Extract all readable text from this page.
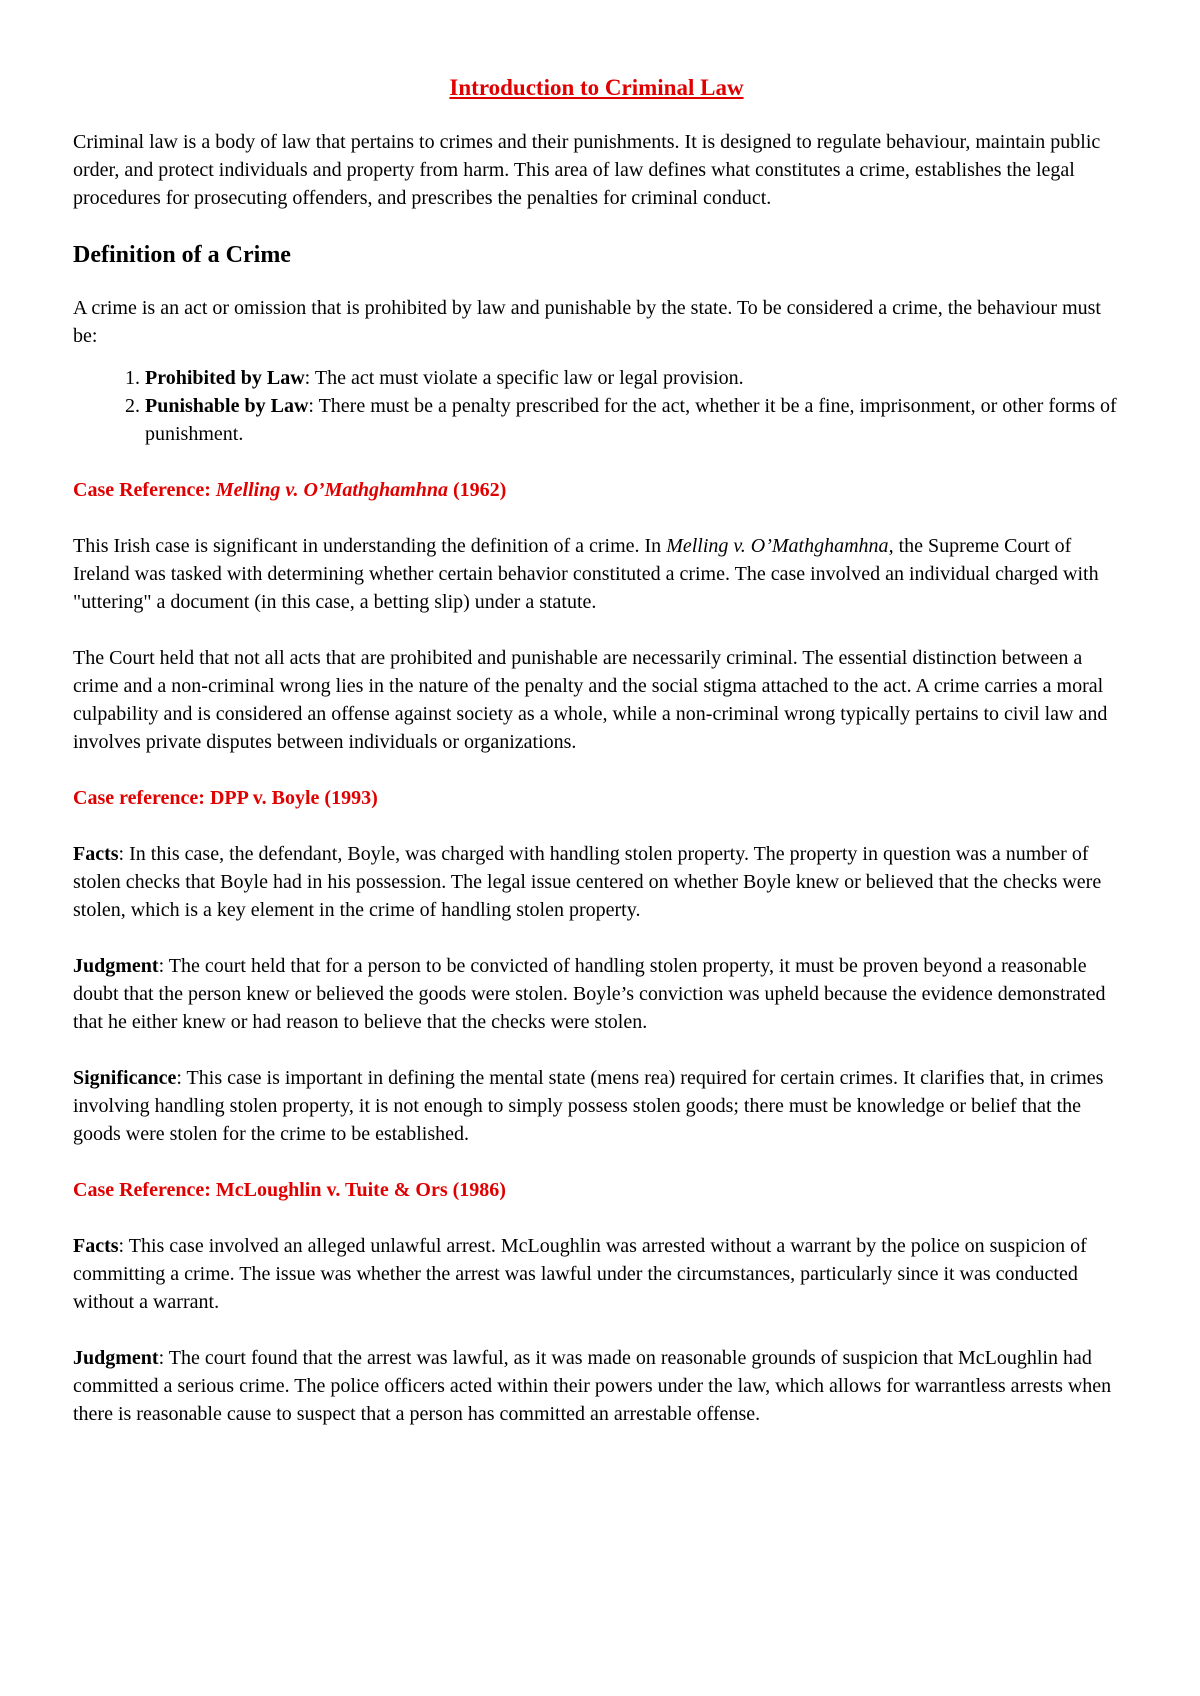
Introduction to Criminal Law

Criminal law is a body of law that pertains to crimes and their punishments. It is designed to regulate behaviour, maintain public order, and protect individuals and property from harm. This area of law defines what constitutes a crime, establishes the legal procedures for prosecuting offenders, and prescribes the penalties for criminal conduct.

Definition of a Crime

A crime is an act or omission that is prohibited by law and punishable by the state. To be considered a crime, the behaviour must be:

1. Prohibited by Law: The act must violate a specific law or legal provision.
2. Punishable by Law: There must be a penalty prescribed for the act, whether it be a fine, imprisonment, or other forms of punishment.
Case Reference: Melling v. O’Mathghamhna (1962)

This Irish case is significant in understanding the definition of a crime. In Melling v. O’Mathghamhna, the Supreme Court of Ireland was tasked with determining whether certain behavior constituted a crime. The case involved an individual charged with "uttering" a document (in this case, a betting slip) under a statute.

The Court held that not all acts that are prohibited and punishable are necessarily criminal. The essential distinction between a crime and a non-criminal wrong lies in the nature of the penalty and the social stigma attached to the act. A crime carries a moral culpability and is considered an offense against society as a whole, while a non-criminal wrong typically pertains to civil law and involves private disputes between individuals or organizations.

Case reference: DPP v. Boyle (1993)

Facts: In this case, the defendant, Boyle, was charged with handling stolen property. The property in question was a number of stolen checks that Boyle had in his possession. The legal issue centered on whether Boyle knew or believed that the checks were stolen, which is a key element in the crime of handling stolen property.

Judgment: The court held that for a person to be convicted of handling stolen property, it must be proven beyond a reasonable doubt that the person knew or believed the goods were stolen. Boyle’s conviction was upheld because the evidence demonstrated that he either knew or had reason to believe that the checks were stolen.

Significance: This case is important in defining the mental state (mens rea) required for certain crimes. It clarifies that, in crimes involving handling stolen property, it is not enough to simply possess stolen goods; there must be knowledge or belief that the goods were stolen for the crime to be established.

Case Reference: McLoughlin v. Tuite & Ors (1986)

Facts: This case involved an alleged unlawful arrest. McLoughlin was arrested without a warrant by the police on suspicion of committing a crime. The issue was whether the arrest was lawful under the circumstances, particularly since it was conducted without a warrant.

Judgment: The court found that the arrest was lawful, as it was made on reasonable grounds of suspicion that McLoughlin had committed a serious crime. The police officers acted within their powers under the law, which allows for warrantless arrests when there is reasonable cause to suspect that a person has committed an arrestable offense.
